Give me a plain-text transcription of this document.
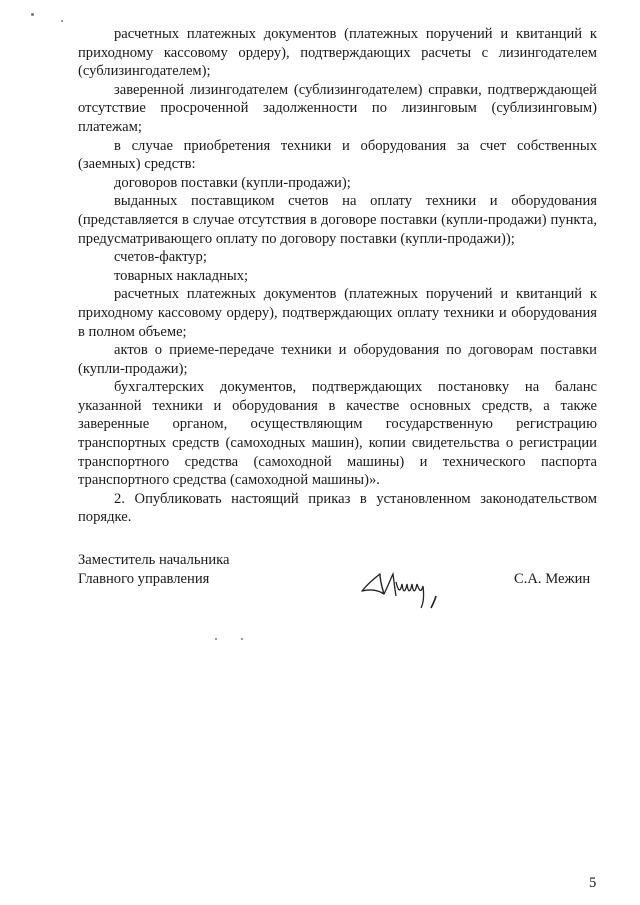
расчетных платежных документов (платежных поручений и квитанций к приходному кассовому ордеру), подтверждающих расчеты с лизингодателем (сублизингодателем);

заверенной лизингодателем (сублизингодателем) справки, подтверждающей отсутствие просроченной задолженности по лизинговым (сублизинговым) платежам;

в случае приобретения техники и оборудования за счет собственных (заемных) средств:

договоров поставки (купли-продажи);

выданных поставщиком счетов на оплату техники и оборудования (представляется в случае отсутствия в договоре поставки (купли-продажи) пункта, предусматривающего оплату по договору поставки (купли-продажи));

счетов-фактур;

товарных накладных;

расчетных платежных документов (платежных поручений и квитанций к приходному кассовому ордеру), подтверждающих оплату техники и оборудования в полном объеме;

актов о приеме-передаче техники и оборудования по договорам поставки (купли-продажи);

бухгалтерских документов, подтверждающих постановку на баланс указанной техники и оборудования в качестве основных средств, а также заверенные органом, осуществляющим государственную регистрацию транспортных средств (самоходных машин), копии свидетельства о регистрации транспортного средства (самоходной машины) и технического паспорта транспортного средства (самоходной машины)».

2. Опубликовать настоящий приказ в установленном законодательством порядке.

Заместитель начальника
Главного управления	С.А. Межин
5
